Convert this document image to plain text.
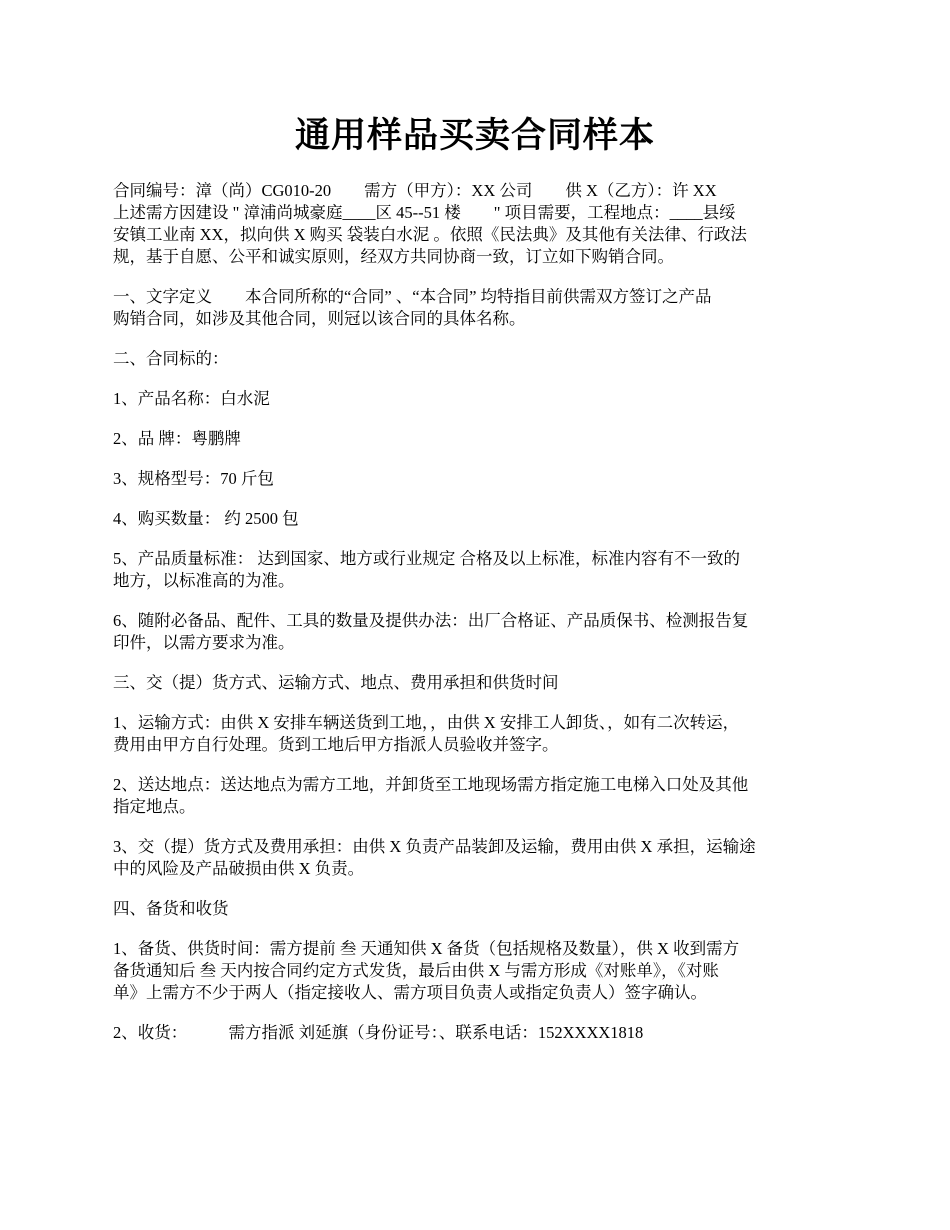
通用样品买卖合同样本
合同编号：漳（尚）CG010-20　　需方（甲方）：XX 公司　　供 X（乙方）：许 XX
上述需方因建设 " 漳浦尚城豪庭____区 45--51 楼　　" 项目需要，工程地点：____县绥
安镇工业南 XX，拟向供 X 购买 袋装白水泥 。依照《民法典》及其他有关法律、行政法
规，基于自愿、公平和诚实原则，经双方共同协商一致，订立如下购销合同。
一、文字定义　　本合同所称的“合同” 、“本合同” 均特指目前供需双方签订之产品
购销合同，如涉及其他合同，则冠以该合同的具体名称。
二、合同标的：
1、产品名称：白水泥
2、品 牌：粤鹏牌
3、规格型号：70 斤包
4、购买数量： 约 2500 包
5、产品质量标准： 达到国家、地方或行业规定 合格及以上标准，标准内容有不一致的
地方，以标准高的为准。
6、随附必备品、配件、工具的数量及提供办法：出厂合格证、产品质保书、检测报告复
印件，以需方要求为准。
三、交（提）货方式、运输方式、地点、费用承担和供货时间
1、运输方式：由供 X 安排车辆送货到工地，，由供 X 安排工人卸货、，如有二次转运，
费用由甲方自行处理。货到工地后甲方指派人员验收并签字。
2、送达地点：送达地点为需方工地，并卸货至工地现场需方指定施工电梯入口处及其他
指定地点。
3、交（提）货方式及费用承担：由供 X 负责产品装卸及运输，费用由供 X 承担，运输途
中的风险及产品破损由供 X 负责。
四、备货和收货
1、备货、供货时间：需方提前 叁 天通知供 X 备货（包括规格及数量），供 X 收到需方
备货通知后 叁 天内按合同约定方式发货，最后由供 X 与需方形成《对账单》，《对账
单》上需方不少于两人（指定接收人、需方项目负责人或指定负责人）签字确认。
2、收货：　　　需方指派 刘延旗（身份证号：、联系电话：152XXXX1818
